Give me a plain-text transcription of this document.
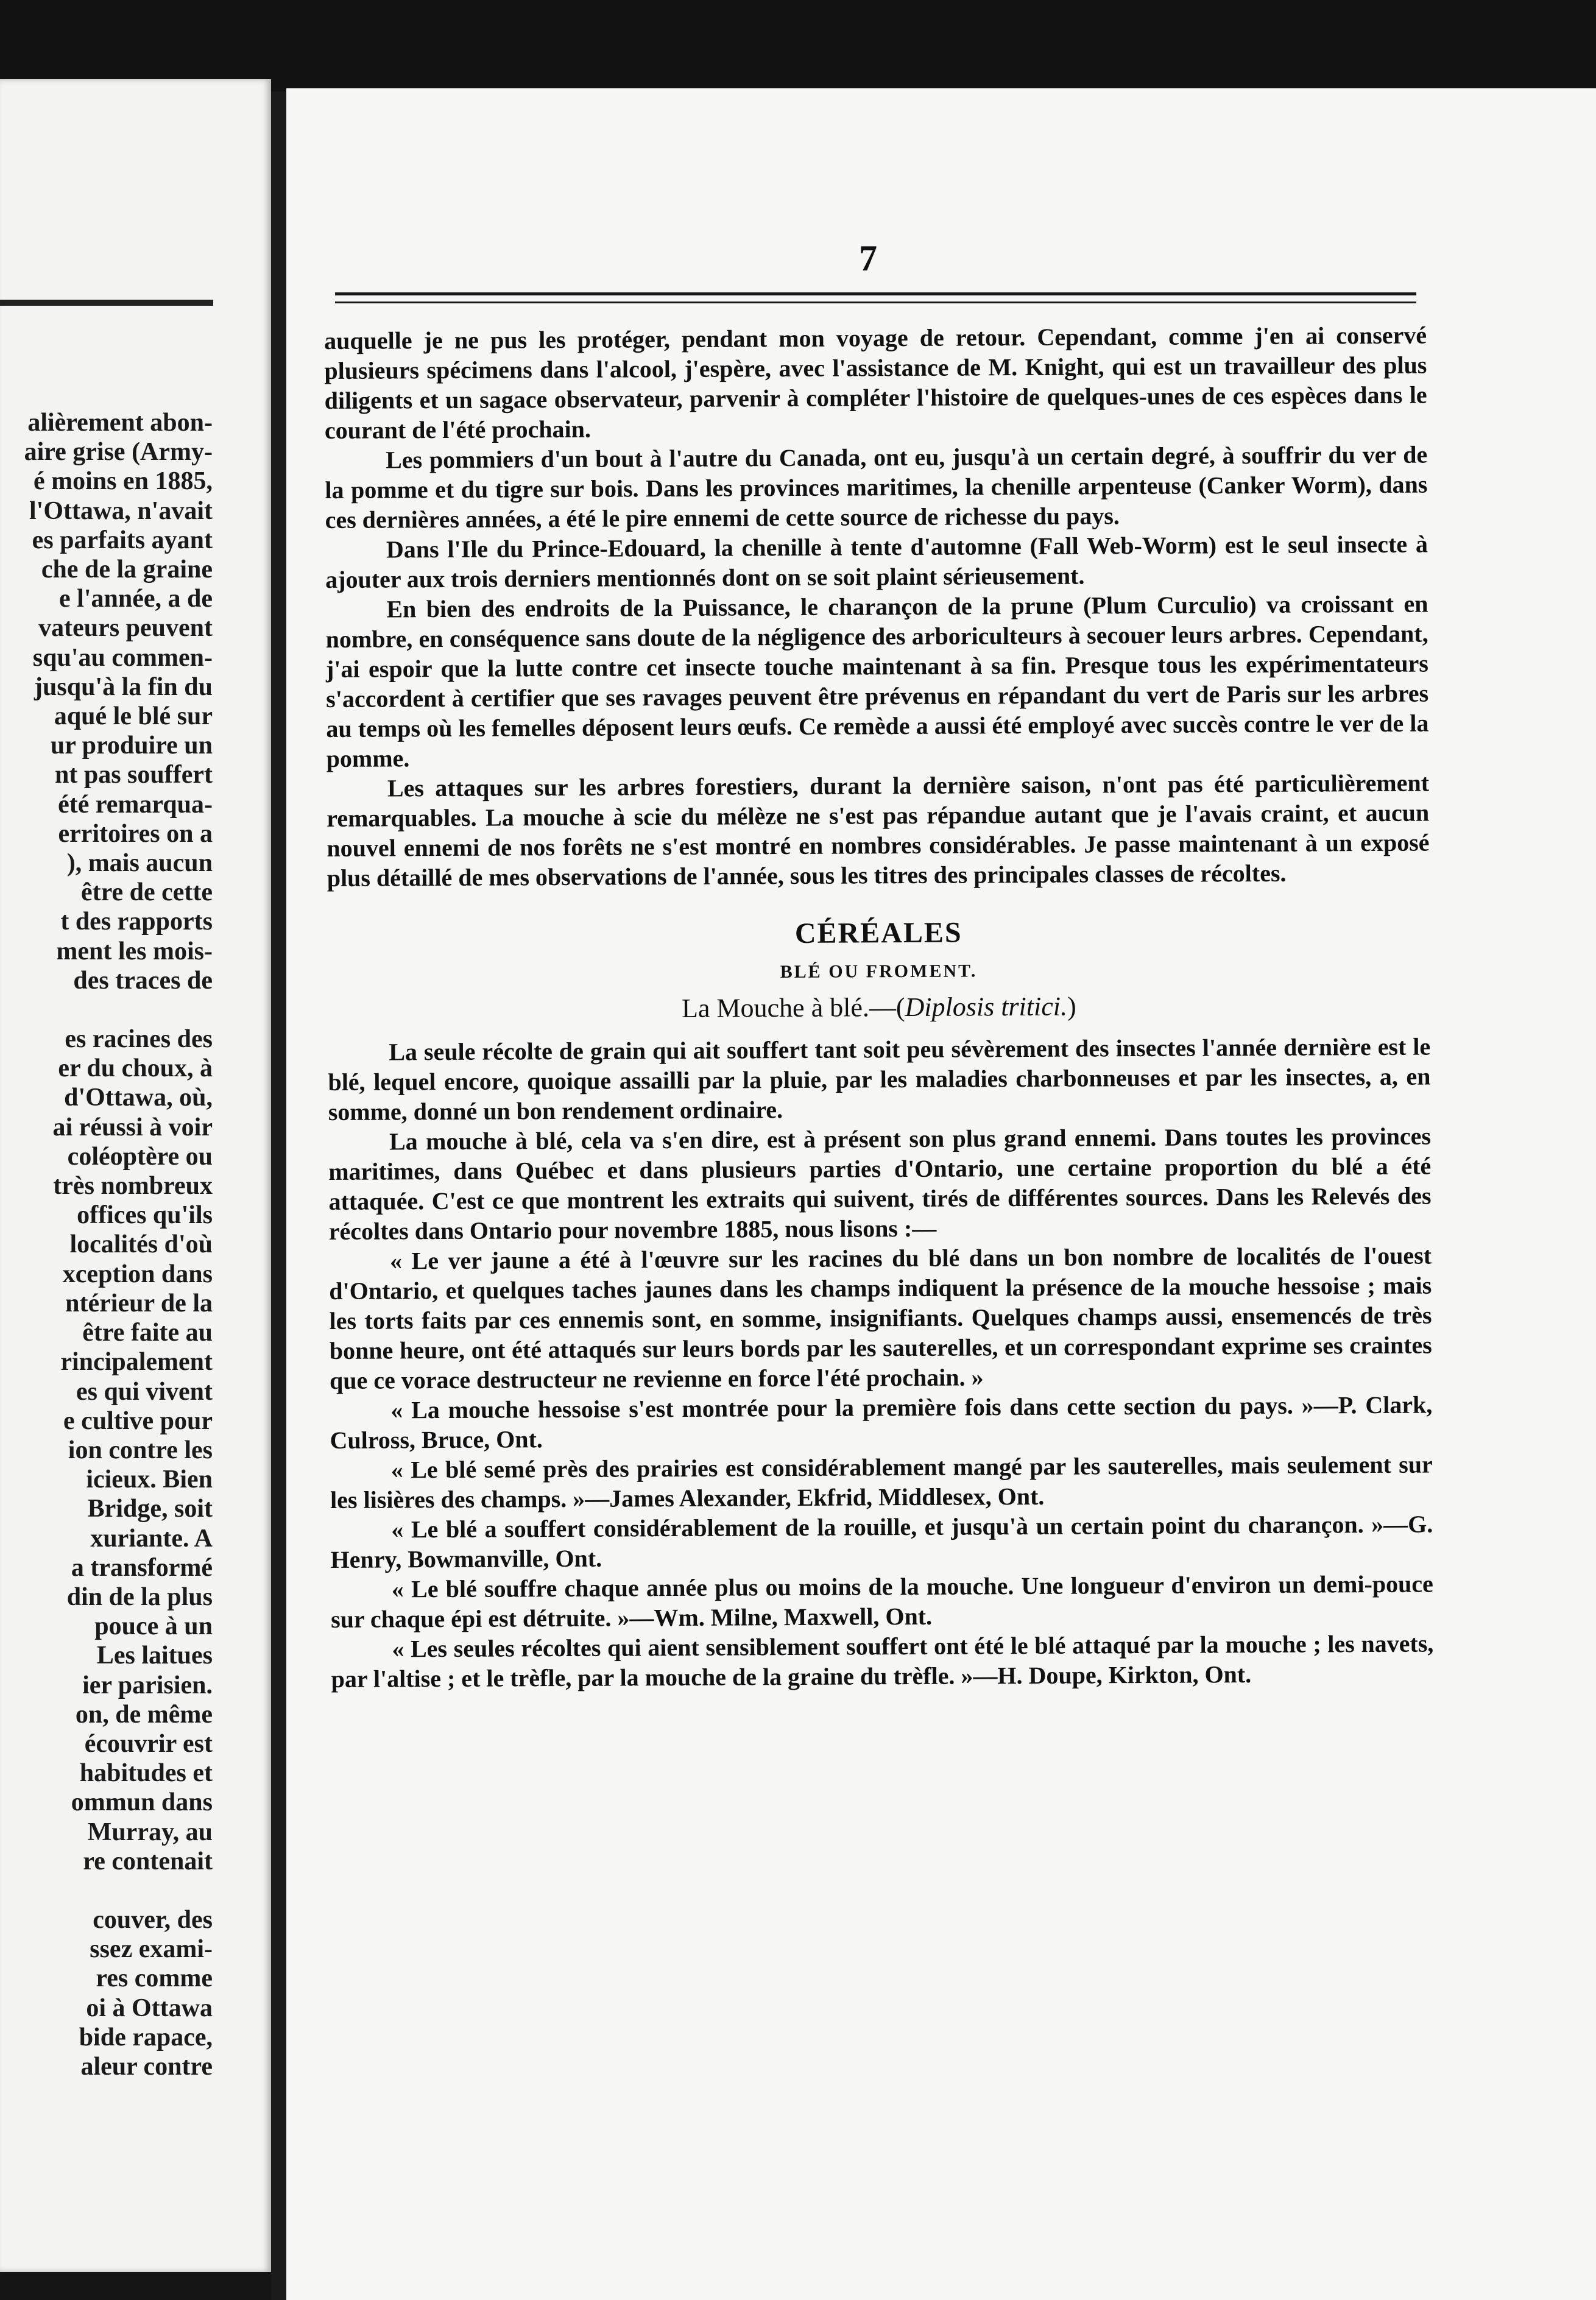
alièrement abon-
aire grise (Army-
é moins en 1885,
l'Ottawa, n'avait
es parfaits ayant
che de la graine
e l'année, a de
vateurs peuvent
squ'au commen-
jusqu'à la fin du
aqué le blé sur
ur produire un
nt pas souffert
été remarqua-
erritoires on a
), mais aucun
être de cette
t des rapports
ment les mois-
des traces de
es racines des
er du choux, à
d'Ottawa, où,
ai réussi à voir
coléoptère ou
très nombreux
offices qu'ils
localités d'où
xception dans
ntérieur de la
être faite au
rincipalement
es qui vivent
e cultive pour
ion contre les
icieux. Bien
Bridge, soit
xuriante. A
a transformé
din de la plus
pouce à un
Les laitues
ier parisien.
on, de même
écouvrir est
habitudes et
ommun dans
Murray, au
re contenait
couver, des
ssez exami-
res comme
oi à Ottawa
bide rapace,
aleur contre

7

auquelle je ne pus les protéger, pendant mon voyage de retour. Cependant, comme j'en ai conservé plusieurs spécimens dans l'alcool, j'espère, avec l'assistance de M. Knight, qui est un travailleur des plus diligents et un sagace observateur, parvenir à compléter l'histoire de quelques-unes de ces espèces dans le courant de l'été prochain.

Les pommiers d'un bout à l'autre du Canada, ont eu, jusqu'à un certain degré, à souffrir du ver de la pomme et du tigre sur bois. Dans les provinces maritimes, la chenille arpenteuse (Canker Worm), dans ces dernières années, a été le pire ennemi de cette source de richesse du pays.

Dans l'Ile du Prince-Edouard, la chenille à tente d'automne (Fall Web-Worm) est le seul insecte à ajouter aux trois derniers mentionnés dont on se soit plaint sérieusement.

En bien des endroits de la Puissance, le charançon de la prune (Plum Curculio) va croissant en nombre, en conséquence sans doute de la négligence des arboriculteurs à secouer leurs arbres. Cependant, j'ai espoir que la lutte contre cet insecte touche maintenant à sa fin. Presque tous les expérimentateurs s'accordent à certifier que ses ravages peuvent être prévenus en répandant du vert de Paris sur les arbres au temps où les femelles déposent leurs œufs. Ce remède a aussi été employé avec succès contre le ver de la pomme.

Les attaques sur les arbres forestiers, durant la dernière saison, n'ont pas été particulièrement remarquables. La mouche à scie du mélèze ne s'est pas répandue autant que je l'avais craint, et aucun nouvel ennemi de nos forêts ne s'est montré en nombres considérables. Je passe maintenant à un exposé plus détaillé de mes observations de l'année, sous les titres des principales classes de récoltes.

CÉRÉALES
BLÉ OU FROMENT.
La Mouche à blé.—(Diplosis tritici.)

La seule récolte de grain qui ait souffert tant soit peu sévèrement des insectes l'année dernière est le blé, lequel encore, quoique assailli par la pluie, par les maladies charbonneuses et par les insectes, a, en somme, donné un bon rendement ordinaire.

La mouche à blé, cela va s'en dire, est à présent son plus grand ennemi. Dans toutes les provinces maritimes, dans Québec et dans plusieurs parties d'Ontario, une certaine proportion du blé a été attaquée. C'est ce que montrent les extraits qui suivent, tirés de différentes sources. Dans les Relevés des récoltes dans Ontario pour novembre 1885, nous lisons :—

« Le ver jaune a été à l'œuvre sur les racines du blé dans un bon nombre de localités de l'ouest d'Ontario, et quelques taches jaunes dans les champs indiquent la présence de la mouche hessoise ; mais les torts faits par ces ennemis sont, en somme, insignifiants. Quelques champs aussi, ensemencés de très bonne heure, ont été attaqués sur leurs bords par les sauterelles, et un correspondant exprime ses craintes que ce vorace destructeur ne revienne en force l'été prochain. »

« La mouche hessoise s'est montrée pour la première fois dans cette section du pays. »—P. Clark, Culross, Bruce, Ont.

« Le blé semé près des prairies est considérablement mangé par les sauterelles, mais seulement sur les lisières des champs. »—James Alexander, Ekfrid, Middlesex, Ont.

« Le blé a souffert considérablement de la rouille, et jusqu'à un certain point du charançon. »—G. Henry, Bowmanville, Ont.

« Le blé souffre chaque année plus ou moins de la mouche. Une longueur d'environ un demi-pouce sur chaque épi est détruite. »—Wm. Milne, Maxwell, Ont.

« Les seules récoltes qui aient sensiblement souffert ont été le blé attaqué par la mouche ; les navets, par l'altise ; et le trèfle, par la mouche de la graine du trèfle. »—H. Doupe, Kirkton, Ont.
